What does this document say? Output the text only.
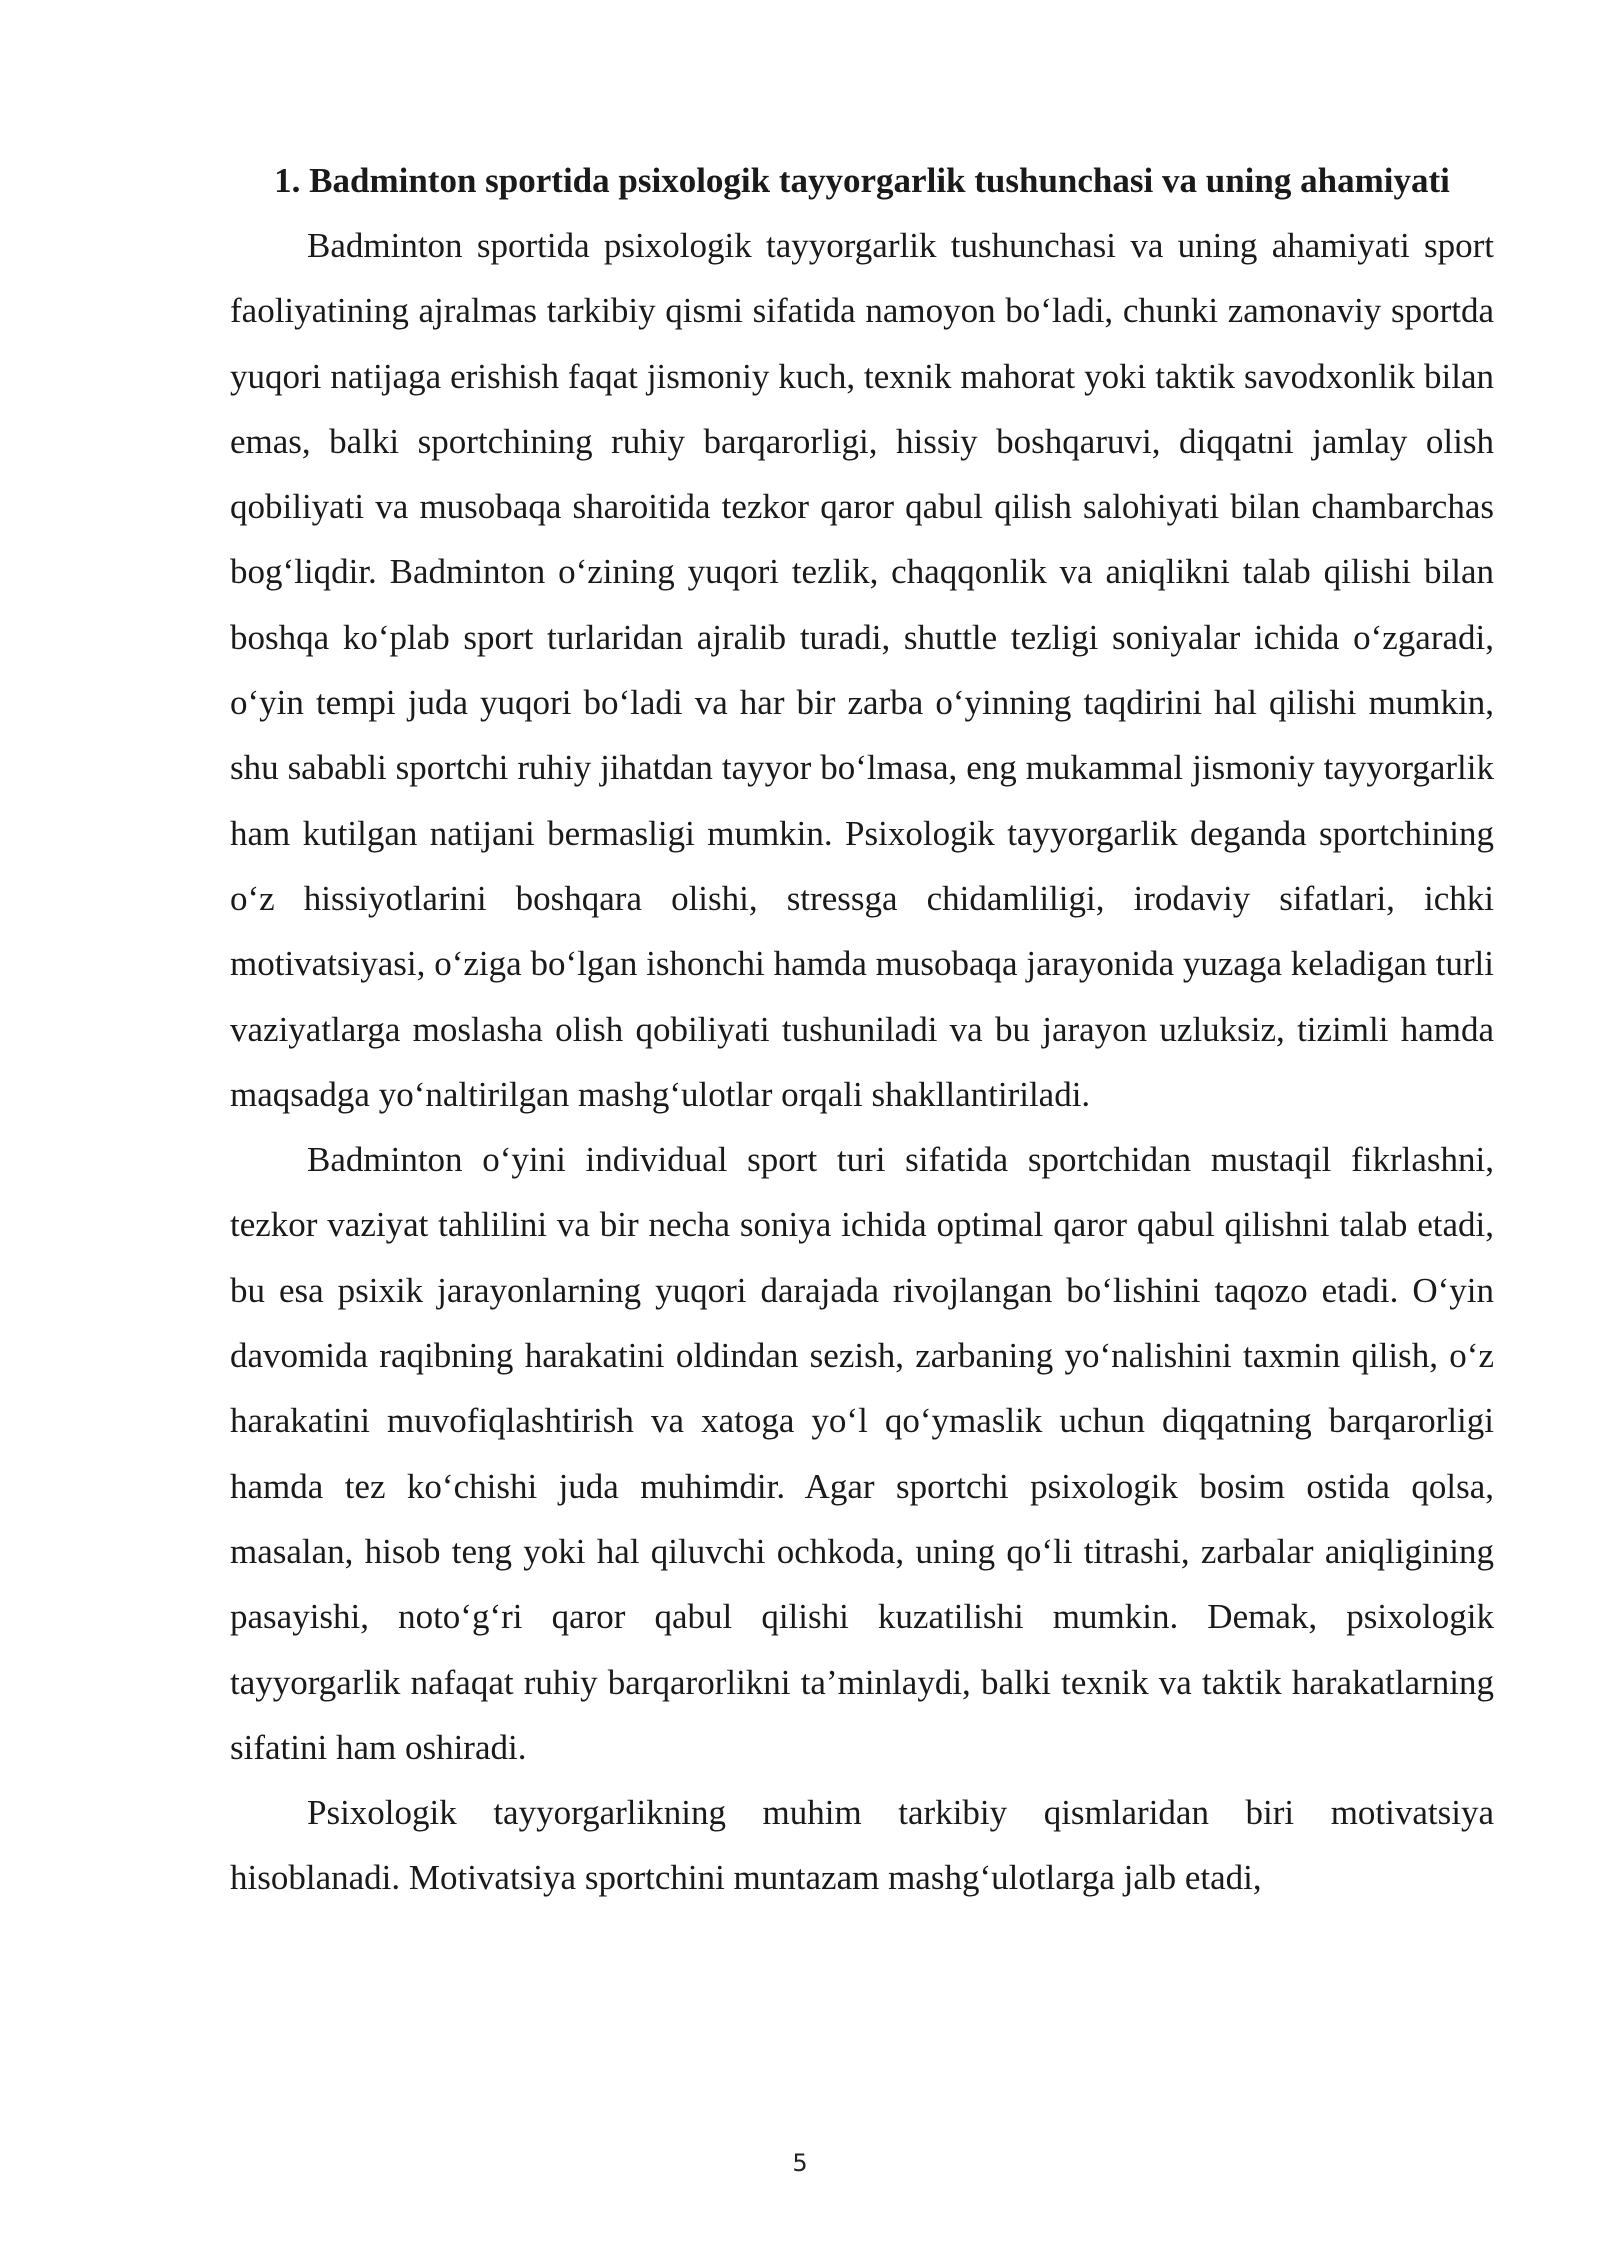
1. Badminton sportida psixologik tayyorgarlik tushunchasi va uning ahamiyati

Badminton sportida psixologik tayyorgarlik tushunchasi va uning ahamiyati sport faoliyatining ajralmas tarkibiy qismi sifatida namoyon bo‘ladi, chunki zamonaviy sportda yuqori natijaga erishish faqat jismoniy kuch, texnik mahorat yoki taktik savodxonlik bilan emas, balki sportchining ruhiy barqarorligi, hissiy boshqaruvi, diqqatni jamlay olish qobiliyati va musobaqa sharoitida tezkor qaror qabul qilish salohiyati bilan chambarchas bog‘liqdir. Badminton o‘zining yuqori tezlik, chaqqonlik va aniqlikni talab qilishi bilan boshqa ko‘plab sport turlaridan ajralib turadi, shuttle tezligi soniyalar ichida o‘zgaradi, o‘yin tempi juda yuqori bo‘ladi va har bir zarba o‘yinning taqdirini hal qilishi mumkin, shu sababli sportchi ruhiy jihatdan tayyor bo‘lmasa, eng mukammal jismoniy tayyorgarlik ham kutilgan natijani bermasligi mumkin. Psixologik tayyorgarlik deganda sportchining o‘z hissiyotlarini boshqara olishi, stressga chidamliligi, irodaviy sifatlari, ichki motivatsiyasi, o‘ziga bo‘lgan ishonchi hamda musobaqa jarayonida yuzaga keladigan turli vaziyatlarga moslasha olish qobiliyati tushuniladi va bu jarayon uzluksiz, tizimli hamda maqsadga yo‘naltirilgan mashg‘ulotlar orqali shakllantiriladi.

Badminton o‘yini individual sport turi sifatida sportchidan mustaqil fikrlashni, tezkor vaziyat tahlilini va bir necha soniya ichida optimal qaror qabul qilishni talab etadi, bu esa psixik jarayonlarning yuqori darajada rivojlangan bo‘lishini taqozo etadi. O‘yin davomida raqibning harakatini oldindan sezish, zarbaning yo‘nalishini taxmin qilish, o‘z harakatini muvofiqlashtirish va xatoga yo‘l qo‘ymaslik uchun diqqatning barqarorligi hamda tez ko‘chishi juda muhimdir. Agar sportchi psixologik bosim ostida qolsa, masalan, hisob teng yoki hal qiluvchi ochkoda, uning qo‘li titrashi, zarbalar aniqligining pasayishi, noto‘g‘ri qaror qabul qilishi kuzatilishi mumkin. Demak, psixologik tayyorgarlik nafaqat ruhiy barqarorlikni ta’minlaydi, balki texnik va taktik harakatlarning sifatini ham oshiradi.

Psixologik tayyorgarlikning muhim tarkibiy qismlaridan biri motivatsiya hisoblanadi. Motivatsiya sportchini muntazam mashg‘ulotlarga jalb etadi,

5
